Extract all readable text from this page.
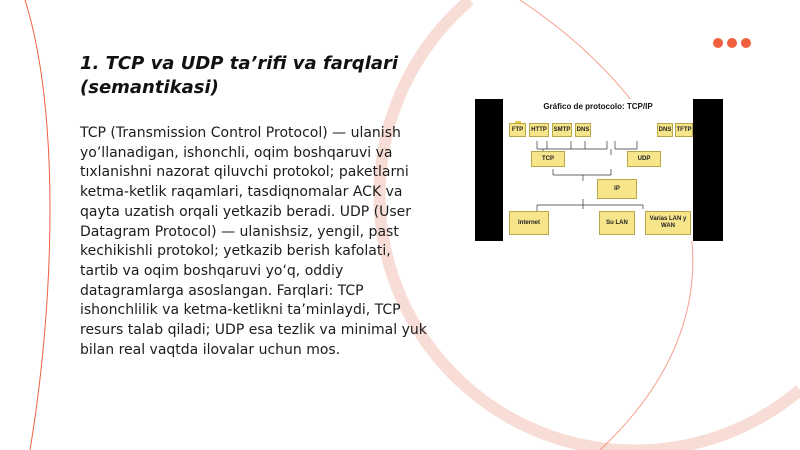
1. TCP va UDP ta’rifi va farqlari (semantikasi)

TCP (Transmission Control Protocol) — ulanish yo’llanadigan, ishonchli, oqim boshqaruvi va tıxlanishni nazorat qiluvchi protokol; paketlarni ketma-ketlik raqamlari, tasdiqnomalar ACK va qayta uzatish orqali yetkazib beradi. UDP (User Datagram Protocol) — ulanishsiz, yengil, past kechikishli protokol; yetkazib berish kafolati, tartib va oqim boshqaruvi yo‘q, oddiy datagramlarga asoslangan. Farqlari: TCP ishonchlilik va ketma-ketlikni ta’minlaydi, TCP resurs talab qiladi; UDP esa tezlik va minimal yuk bilan real vaqtda ilovalar uchun mos.

Gráfico de protocolo: TCP/IP
FTP	HTTP	SMTP DNS	DNS TFTP
TCP	UDP
IP
Internet	Su LAN
Varias LAN y WAN
